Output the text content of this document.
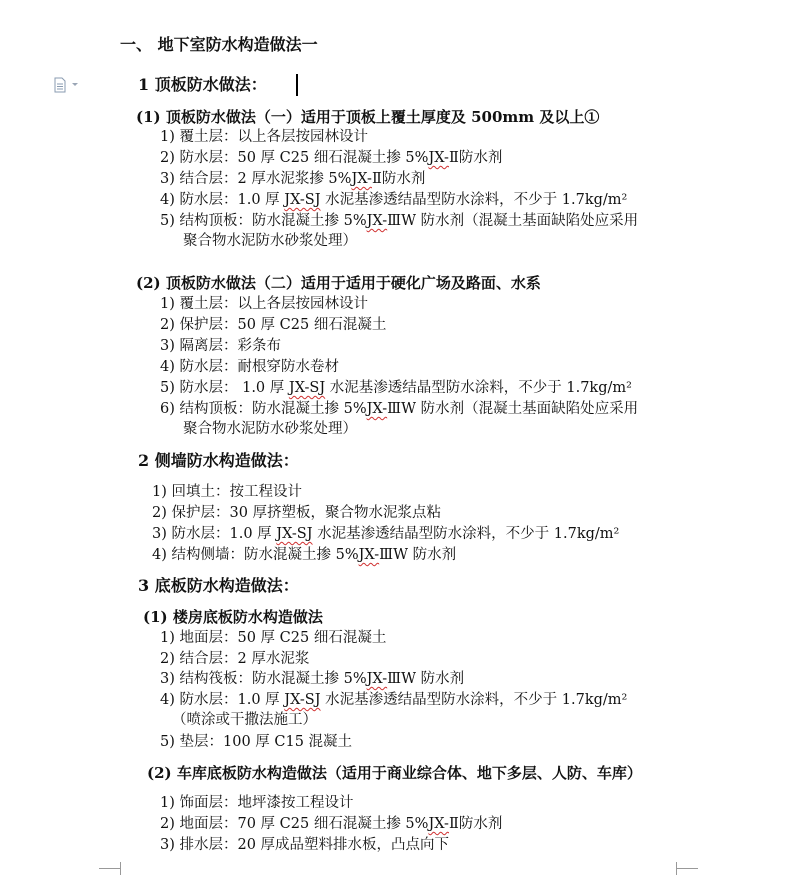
一、 地下室防水构造做法一
1 顶板防水做法：
(1) 顶板防水做法（一）适用于顶板上覆土厚度及 500mm 及以上①
1) 覆土层：以上各层按园林设计
2) 防水层：50 厚 C25 细石混凝土掺 5%JX-Ⅱ防水剂
3) 结合层：2 厚水泥浆掺 5%JX-Ⅱ防水剂
4) 防水层：1.0 厚 JX-SJ 水泥基渗透结晶型防水涂料，不少于 1.7kg/m²
5) 结构顶板：防水混凝土掺 5%JX-ⅢW 防水剂（混凝土基面缺陷处应采用
聚合物水泥防水砂浆处理）
(2) 顶板防水做法（二）适用于适用于硬化广场及路面、水系
1) 覆土层：以上各层按园林设计
2) 保护层：50 厚 C25 细石混凝土
3) 隔离层：彩条布
4) 防水层：耐根穿防水卷材
5) 防水层： 1.0 厚 JX-SJ 水泥基渗透结晶型防水涂料，不少于 1.7kg/m²
6) 结构顶板：防水混凝土掺 5%JX-ⅢW 防水剂（混凝土基面缺陷处应采用
聚合物水泥防水砂浆处理）
2 侧墙防水构造做法：
1) 回填土：按工程设计
2) 保护层：30 厚挤塑板，聚合物水泥浆点粘
3) 防水层：1.0 厚 JX-SJ 水泥基渗透结晶型防水涂料，不少于 1.7kg/m²
4) 结构侧墙：防水混凝土掺 5%JX-ⅢW 防水剂
3 底板防水构造做法：
(1) 楼房底板防水构造做法
1) 地面层：50 厚 C25 细石混凝土
2) 结合层：2 厚水泥浆
3) 结构筏板：防水混凝土掺 5%JX-ⅢW 防水剂
4) 防水层：1.0 厚 JX-SJ 水泥基渗透结晶型防水涂料，不少于 1.7kg/m²
（喷涂或干撒法施工）
5) 垫层：100 厚 C15 混凝土
(2) 车库底板防水构造做法（适用于商业综合体、地下多层、人防、车库）
1) 饰面层：地坪漆按工程设计
2) 地面层：70 厚 C25 细石混凝土掺 5%JX-Ⅱ防水剂
3) 排水层：20 厚成品塑料排水板，凸点向下
